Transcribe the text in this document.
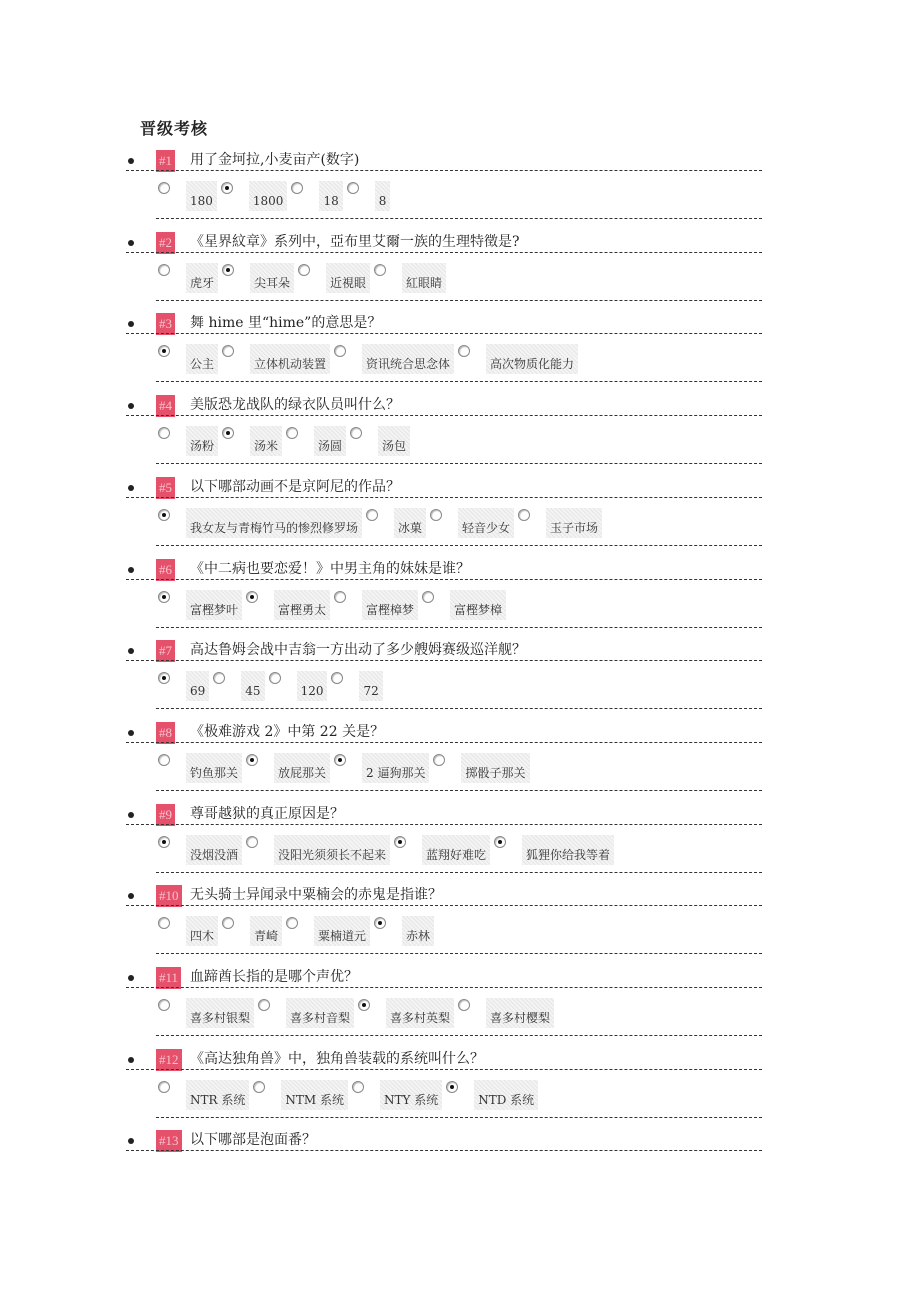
晋级考核
#1 用了金坷拉,小麦亩产(数字)
180	1800	18	8
#2 《星界紋章》系列中，亞布里艾爾一族的生理特徵是?
虎牙	尖耳朵	近視眼	紅眼睛
#3 舞 hime 里“hime”的意思是？
公主	立体机动装置	资讯统合思念体	高次物质化能力
#4 美版恐龙战队的绿衣队员叫什么？
汤粉	汤米	汤圆	汤包
#5 以下哪部动画不是京阿尼的作品？
我女友与青梅竹马的惨烈修罗场	冰菓	轻音少女	玉子市场
#6 《中二病也要恋爱！》中男主角的妹妹是谁？
富樫梦叶	富樫勇太	富樫樟梦	富樫梦樟
#7 高达鲁姆会战中吉翁一方出动了多少艘姆赛级巡洋舰？
69	45	120	72
#8 《极难游戏 2》中第 22 关是？
钓鱼那关	放屁那关	2 逼狗那关	掷骰子那关
#9 尊哥越狱的真正原因是？
没烟没酒	没阳光须须长不起来	蓝翔好难吃	狐狸你给我等着
#10 无头骑士异闻录中粟楠会的赤鬼是指谁？
四木	青崎	粟楠道元	赤林
#11 血蹄酋长指的是哪个声优？
喜多村银梨	喜多村音梨	喜多村英梨	喜多村樱梨
#12 《高达独角兽》中，独角兽装载的系统叫什么？
NTR 系统	NTM 系统	NTY 系统	NTD 系统
#13 以下哪部是泡面番？
